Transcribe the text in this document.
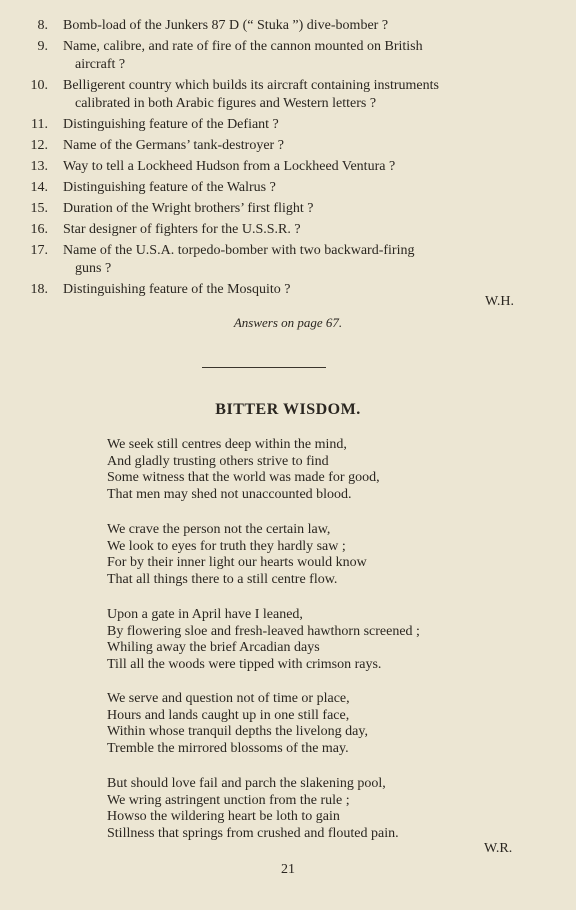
8. Bomb-load of the Junkers 87 D (“ Stuka ”) dive-bomber ?
9. Name, calibre, and rate of fire of the cannon mounted on British
aircraft ?
10. Belligerent country which builds its aircraft containing instruments
calibrated in both Arabic figures and Western letters ?
11. Distinguishing feature of the Defiant ?
12. Name of the Germans’ tank-destroyer ?
13. Way to tell a Lockheed Hudson from a Lockheed Ventura ?
14. Distinguishing feature of the Walrus ?
15. Duration of the Wright brothers’ first flight ?
16. Star designer of fighters for the U.S.S.R. ?
17. Name of the U.S.A. torpedo-bomber with two backward-firing
guns ?
18. Distinguishing feature of the Mosquito ?
W.H.
Answers on page 67.
BITTER WISDOM.
We seek still centres deep within the mind,
And gladly trusting others strive to find
Some witness that the world was made for good,
That men may shed not unaccounted blood.
We crave the person not the certain law,
We look to eyes for truth they hardly saw ;
For by their inner light our hearts would know
That all things there to a still centre flow.
Upon a gate in April have I leaned,
By flowering sloe and fresh-leaved hawthorn screened ;
Whiling away the brief Arcadian days
Till all the woods were tipped with crimson rays.
We serve and question not of time or place,
Hours and lands caught up in one still face,
Within whose tranquil depths the livelong day,
Tremble the mirrored blossoms of the may.
But should love fail and parch the slakening pool,
We wring astringent unction from the rule ;
Howso the wildering heart be loth to gain
Stillness that springs from crushed and flouted pain.
W.R.
21
